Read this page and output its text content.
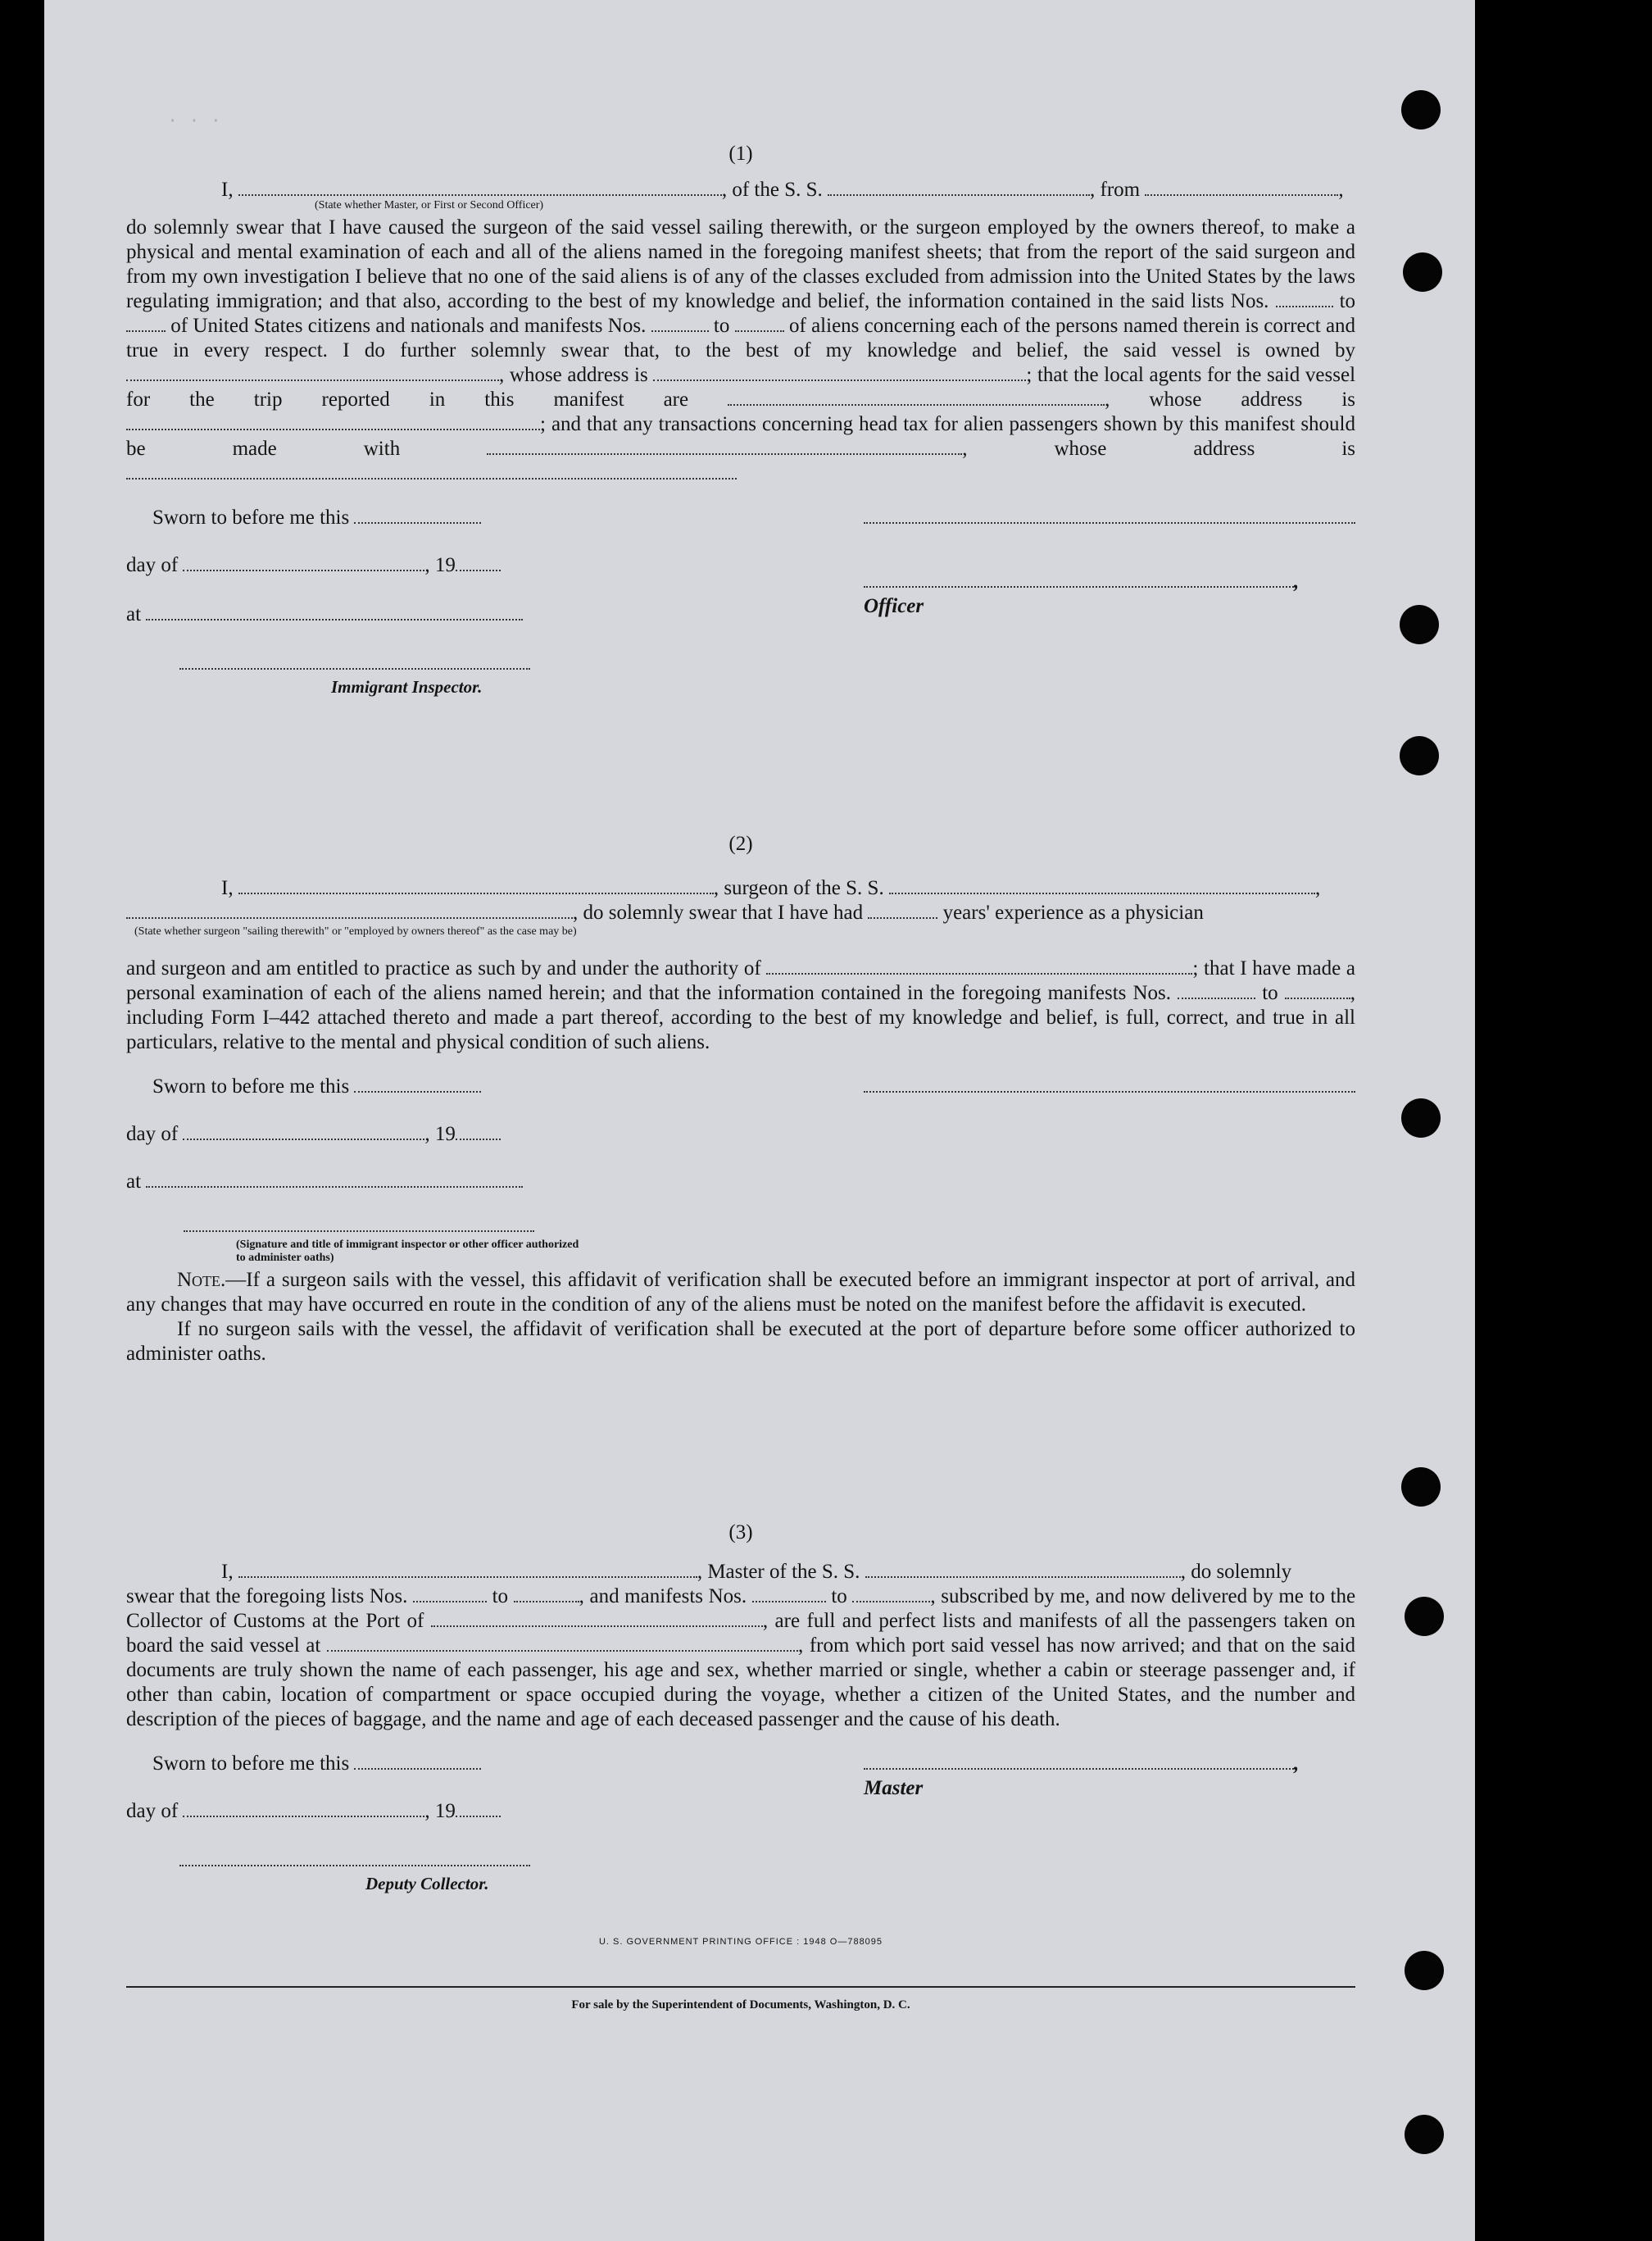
· · ·
(1)
I,	, of the S. S.	, from	,
(State whether Master, or First or Second Officer)

do solemnly swear that I have caused the surgeon of the said vessel sailing therewith, or the surgeon employed by the owners thereof, to make a physical and mental examination of each and all of the aliens named in the foregoing manifest sheets; that from the report of the said surgeon and from my own investigation I believe that no one of the said aliens is of any of the classes excluded from admission into the United States by the laws regulating immigration; and that also, according to the best of my knowledge and belief, the information contained in the said lists Nos.	to  of United States citizens and nationals and manifests Nos.	to	of aliens concerning each of the persons named therein is correct and true in every respect. I do further solemnly swear that, to the best of my knowledge and belief, the said vessel is owned by , whose address is	; that the local agents for the said vessel for the trip reported in this manifest are	, whose address is ; and that any transactions concerning head tax for alien passengers shown by this manifest should be made with	, whose address is

Sworn to before me this
day of	, 19
at
Immigrant Inspector.
, Officer
(2)
I,	, surgeon of the S. S.	,
, do solemnly swear that I have had	years' experience as a physician
(State whether surgeon "sailing therewith" or "employed by owners thereof" as the case may be)

and surgeon and am entitled to practice as such by and under the authority of	; that I have made a personal examination of each of the aliens named herein; and that the information contained in the foregoing manifests Nos.	to	, including Form I–442 attached thereto and made a part thereof, according to the best of my knowledge and belief, is full, correct, and true in all particulars, relative to the mental and physical condition of such aliens.

Sworn to before me this
day of	, 19
at
(Signature and title of immigrant inspector or other officer authorized to administer oaths)

Note.—If a surgeon sails with the vessel, this affidavit of verification shall be executed before an immigrant inspector at port of arrival, and any changes that may have occurred en route in the condition of any of the aliens must be noted on the manifest before the affidavit is executed.

If no surgeon sails with the vessel, the affidavit of verification shall be executed at the port of departure before some officer authorized to administer oaths.

(3)
I,	, Master of the S. S.	, do solemnly

swear that the foregoing lists Nos.	to	, and manifests Nos.	to	, subscribed by me, and now delivered by me to the Collector of Customs at the Port of	, are full and perfect lists and manifests of all the passengers taken on board the said vessel at	, from which port said vessel has now arrived; and that on the said documents are truly shown the name of each passenger, his age and sex, whether married or single, whether a cabin or steerage passenger and, if other than cabin, location of compartment or space occupied during the voyage, whether a citizen of the United States, and the number and description of the pieces of baggage, and the name and age of each deceased passenger and the cause of his death.

Sworn to before me this
day of	, 19
Deputy Collector.
, Master
U. S. GOVERNMENT PRINTING OFFICE : 1948 O—788095
For sale by the Superintendent of Documents, Washington, D. C.
